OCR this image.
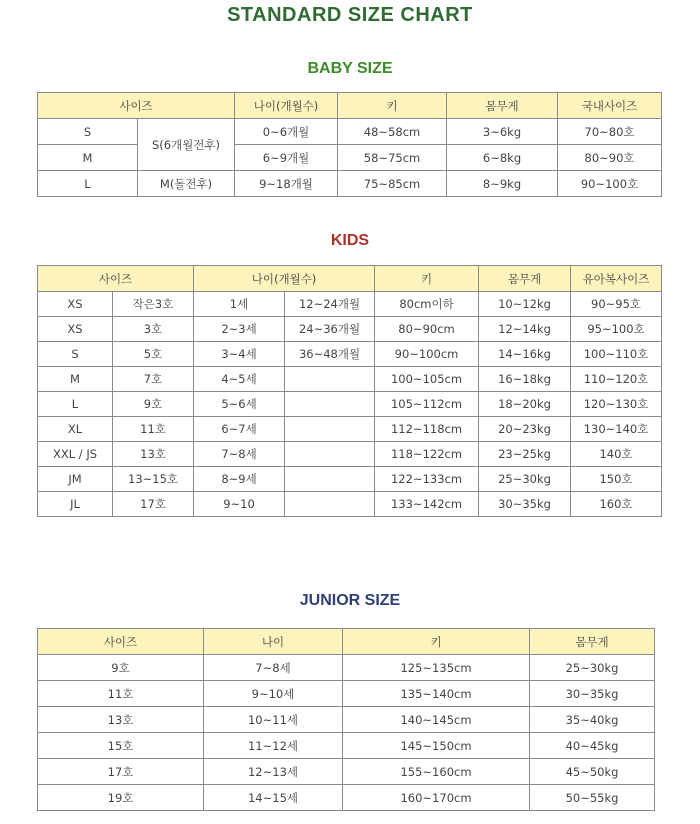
STANDARD SIZE CHART
BABY SIZE
사이즈		나이(개월수)	키	몸무게	국내사이즈
S	S(6개월전후)	0~6개월	48~58cm	3~6kg	70~80호
M		6~9개월	58~75cm	6~8kg	80~90호
L	M(돌전후)	9~18개월	75~85cm	8~9kg	90~100호
KIDS
사이즈		나이(개월수)		키	몸무게	유아복사이즈
XS	작은3호	1세	12~24개월	80cm이하	10~12kg	90~95호
XS	3호	2~3세	24~36개월	80~90cm	12~14kg	95~100호
S	5호	3~4세	36~48개월	90~100cm	14~16kg	100~110호
M	7호	4~5세		100~105cm	16~18kg	110~120호
L	9호	5~6세		105~112cm	18~20kg	120~130호
XL	11호	6~7세		112~118cm	20~23kg	130~140호
XXL / JS	13호	7~8세		118~122cm	23~25kg	140호
JM	13~15호	8~9세		122~133cm	25~30kg	150호
JL	17호	9~10		133~142cm	30~35kg	160호
JUNIOR SIZE
사이즈	나이	키	몸무게
9호	7~8세	125~135cm	25~30kg
11호	9~10세	135~140cm	30~35kg
13호	10~11세	140~145cm	35~40kg
15호	11~12세	145~150cm	40~45kg
17호	12~13세	155~160cm	45~50kg
19호	14~15세	160~170cm	50~55kg
